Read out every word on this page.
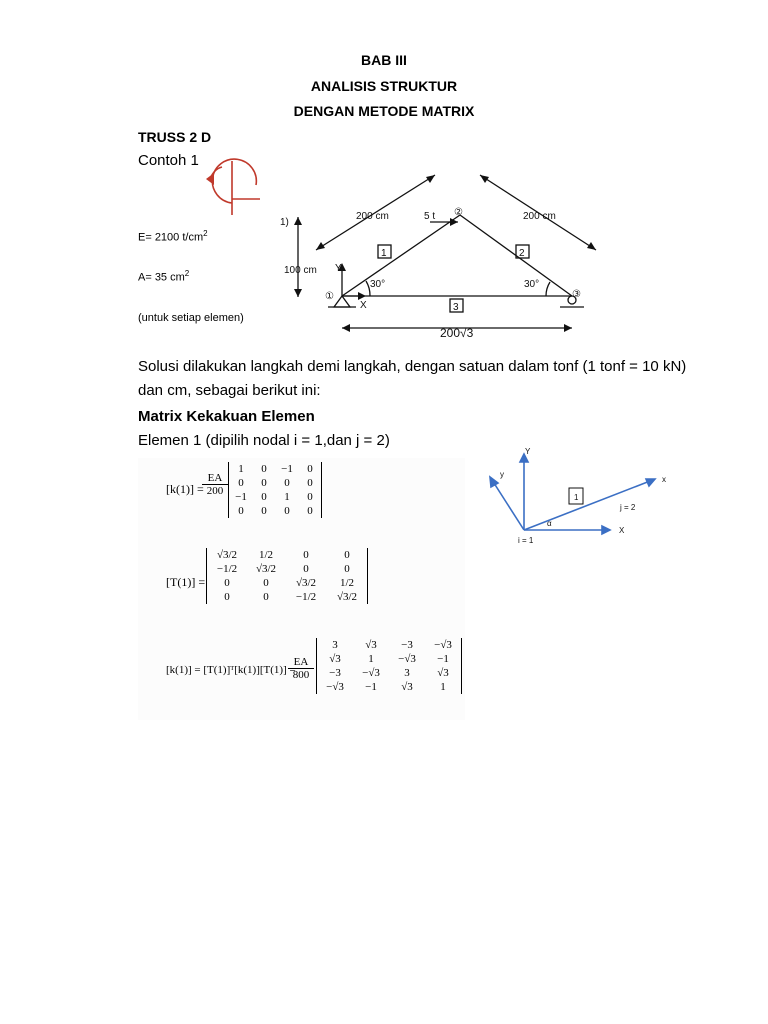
BAB III
ANALISIS STRUKTUR
DENGAN METODE MATRIX
TRUSS 2 D
Contoh 1
E= 2100 $t/cm^2$
A= 35 $cm^2$
(untuk setiap elemen)
200 cm	200 cm
5 t ②
1)
100 cm Y
X
30°	30°
①	③
1	2
3
200√3
Solusi dilakukan langkah demi langkah, dengan satuan dalam tonf (1 tonf = 10 kN)
dan cm, sebagai berikut ini:
Matrix Kekakuan Elemen
Elemen 1 (dipilih nodal i = 1,dan j = 2)
Y
y
x
X
1
j = 2
i = 1
α
[k(1)] =
$\frac{EA}{200}$
1	0	−1	0
0	0	0	0
−1	0	1	0
0	0	0	0
[T(1)] =
√3/2	1/2	0	0
−1/2	√3/2	0	0
0	0	√3/2	1/2
0	0	−1/2	√3/2
[k(1)] = [T(1)]ᵀ[k(1)][T(1)] =
$\frac{EA}{800}$
3	√3	−3	−√3
√3	1	−√3	−1
−3	−√3	3	√3
−√3	−1	√3	1
